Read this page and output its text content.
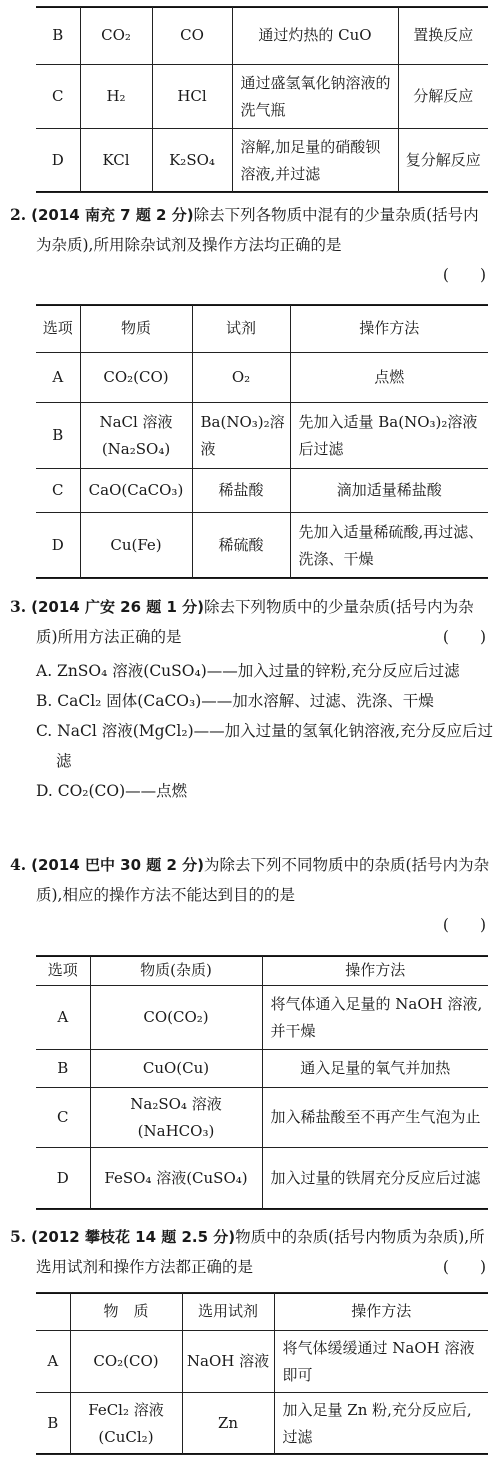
B	CO₂	CO	通过灼热的 CuO	置换反应
C	H₂	HCl	通过盛氢氧化钠溶液的洗气瓶	分解反应
D	KCl	K₂SO₄	溶解,加足量的硝酸钡溶液,并过滤	复分解反应
2. (2014 南充 7 题 2 分)除去下列各物质中混有的少量杂质(括号内为杂质),所用除杂试剂及操作方法均正确的是
(　　)
选项	物质	试剂	操作方法
A	CO₂(CO)	O₂	点燃
B	NaCl 溶液(Na₂SO₄)	Ba(NO₃)₂溶液	先加入适量 Ba(NO₃)₂溶液后过滤
C	CaO(CaCO₃)	稀盐酸	滴加适量稀盐酸
D	Cu(Fe)	稀硫酸	先加入适量稀硫酸,再过滤、洗涤、干燥
3. (2014 广安 26 题 1 分)除去下列物质中的少量杂质(括号内为杂质)所用方法正确的是	(　　)
A. ZnSO₄ 溶液(CuSO₄)——加入过量的锌粉,充分反应后过滤
B. CaCl₂ 固体(CaCO₃)——加水溶解、过滤、洗涤、干燥
C. NaCl 溶液(MgCl₂)——加入过量的氢氧化钠溶液,充分反应后过滤
D. CO₂(CO)——点燃
4. (2014 巴中 30 题 2 分)为除去下列不同物质中的杂质(括号内为杂质),相应的操作方法不能达到目的的是
(　　)
选项	物质(杂质)	操作方法
A	CO(CO₂)	将气体通入足量的 NaOH 溶液,并干燥
B	CuO(Cu)	通入足量的氧气并加热
C	Na₂SO₄ 溶液(NaHCO₃)	加入稀盐酸至不再产生气泡为止
D	FeSO₄ 溶液(CuSO₄)	加入过量的铁屑充分反应后过滤
5. (2012 攀枝花 14 题 2.5 分)物质中的杂质(括号内物质为杂质),所选用试剂和操作方法都正确的是	(　　)
	物　质	选用试剂	操作方法
A	CO₂(CO)	NaOH 溶液	将气体缓缓通过 NaOH 溶液即可
B	FeCl₂ 溶液(CuCl₂)	Zn	加入足量 Zn 粉,充分反应后,过滤
